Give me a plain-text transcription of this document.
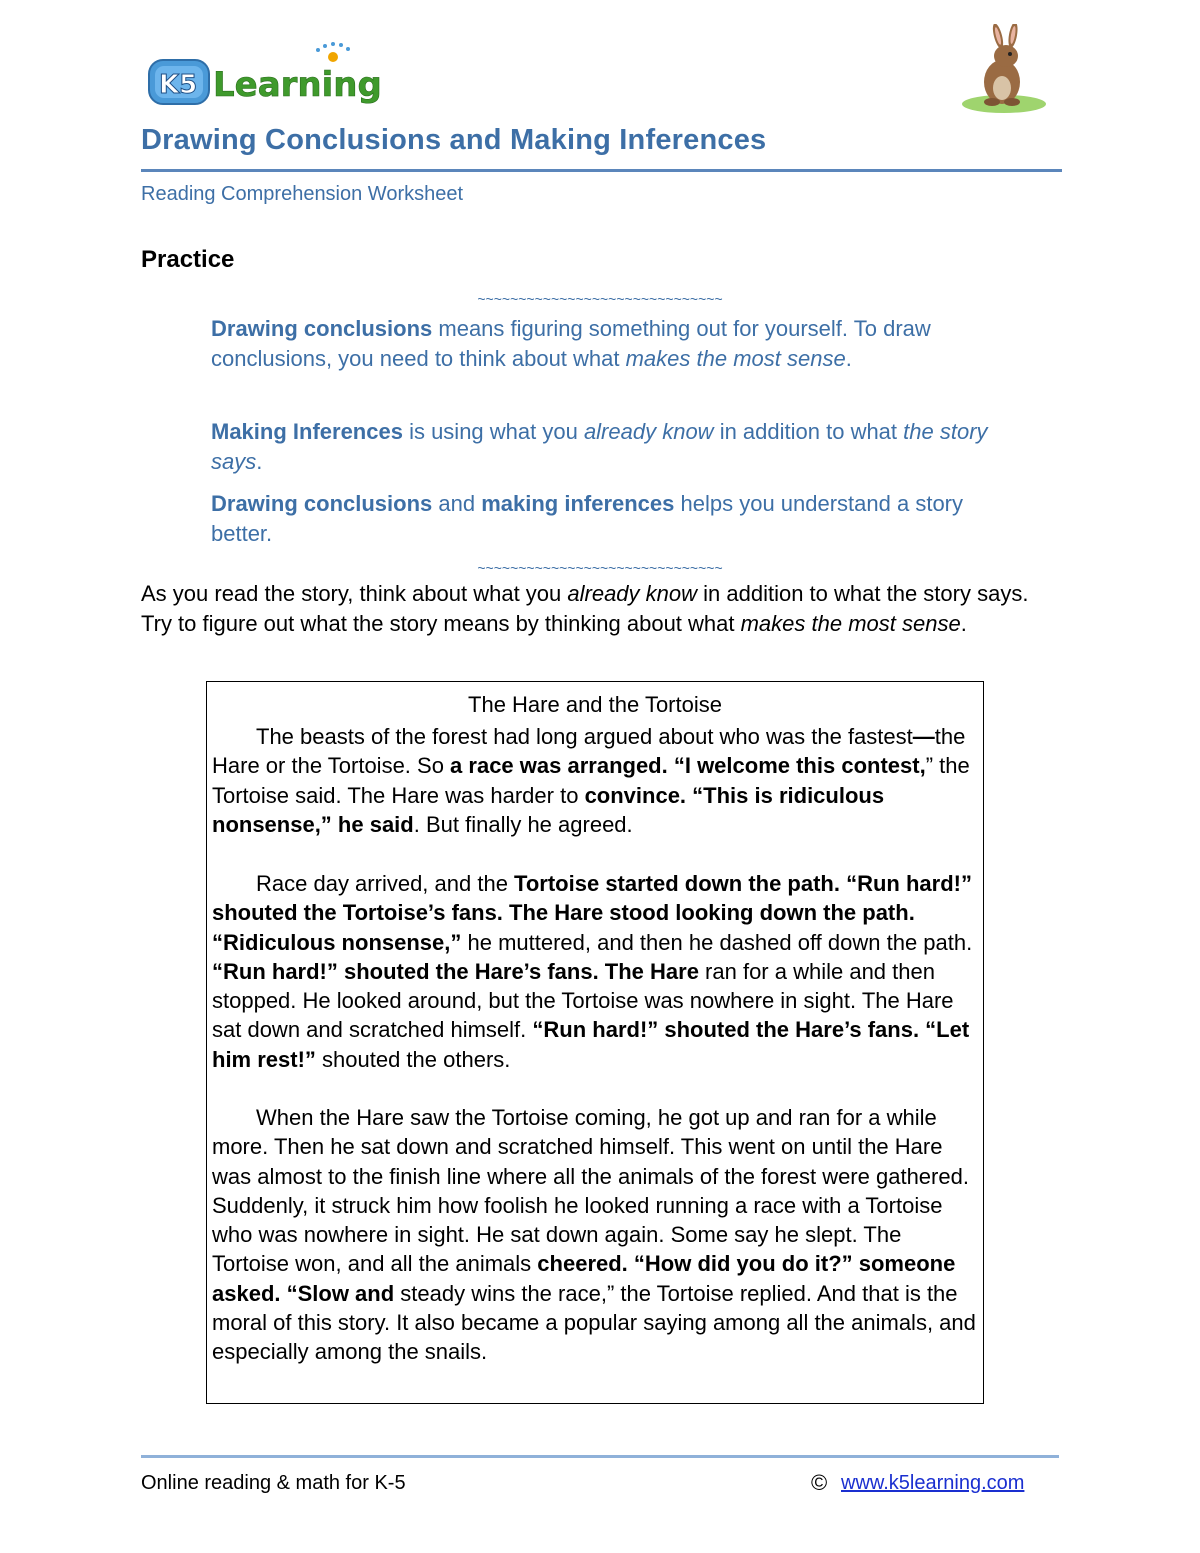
K5 Learning
Drawing Conclusions and Making Inferences
Reading Comprehension Worksheet
Practice
~~~~~~~~~~~~~~~~~~~~~~~~~~~~~~
Drawing conclusions means figuring something out for yourself. To draw conclusions, you need to think about what makes the most sense.
Making Inferences is using what you already know in addition to what the story says.
Drawing conclusions and making inferences helps you understand a story better.
~~~~~~~~~~~~~~~~~~~~~~~~~~~~~~
As you read the story, think about what you already know in addition to what the story says. Try to figure out what the story means by thinking about what makes the most sense.
The Hare and the Tortoise
The beasts of the forest had long argued about who was the fastest—the Hare or the Tortoise. So a race was arranged. “I welcome this contest,” the Tortoise said. The Hare was harder to convince. “This is ridiculous nonsense,” he said. But finally he agreed.
Race day arrived, and the Tortoise started down the path. “Run hard!” shouted the Tortoise’s fans. The Hare stood looking down the path. “Ridiculous nonsense,” he muttered, and then he dashed off down the path. “Run hard!” shouted the Hare’s fans. The Hare ran for a while and then stopped. He looked around, but the Tortoise was nowhere in sight. The Hare sat down and scratched himself. “Run hard!” shouted the Hare’s fans. “Let him rest!” shouted the others.
When the Hare saw the Tortoise coming, he got up and ran for a while more. Then he sat down and scratched himself. This went on until the Hare was almost to the finish line where all the animals of the forest were gathered. Suddenly, it struck him how foolish he looked running a race with a Tortoise who was nowhere in sight. He sat down again. Some say he slept. The Tortoise won, and all the animals cheered. “How did you do it?” someone asked. “Slow and steady wins the race,” the Tortoise replied. And that is the moral of this story. It also became a popular saying among all the animals, and especially among the snails.
Online reading & math for K-5	© www.k5learning.com
